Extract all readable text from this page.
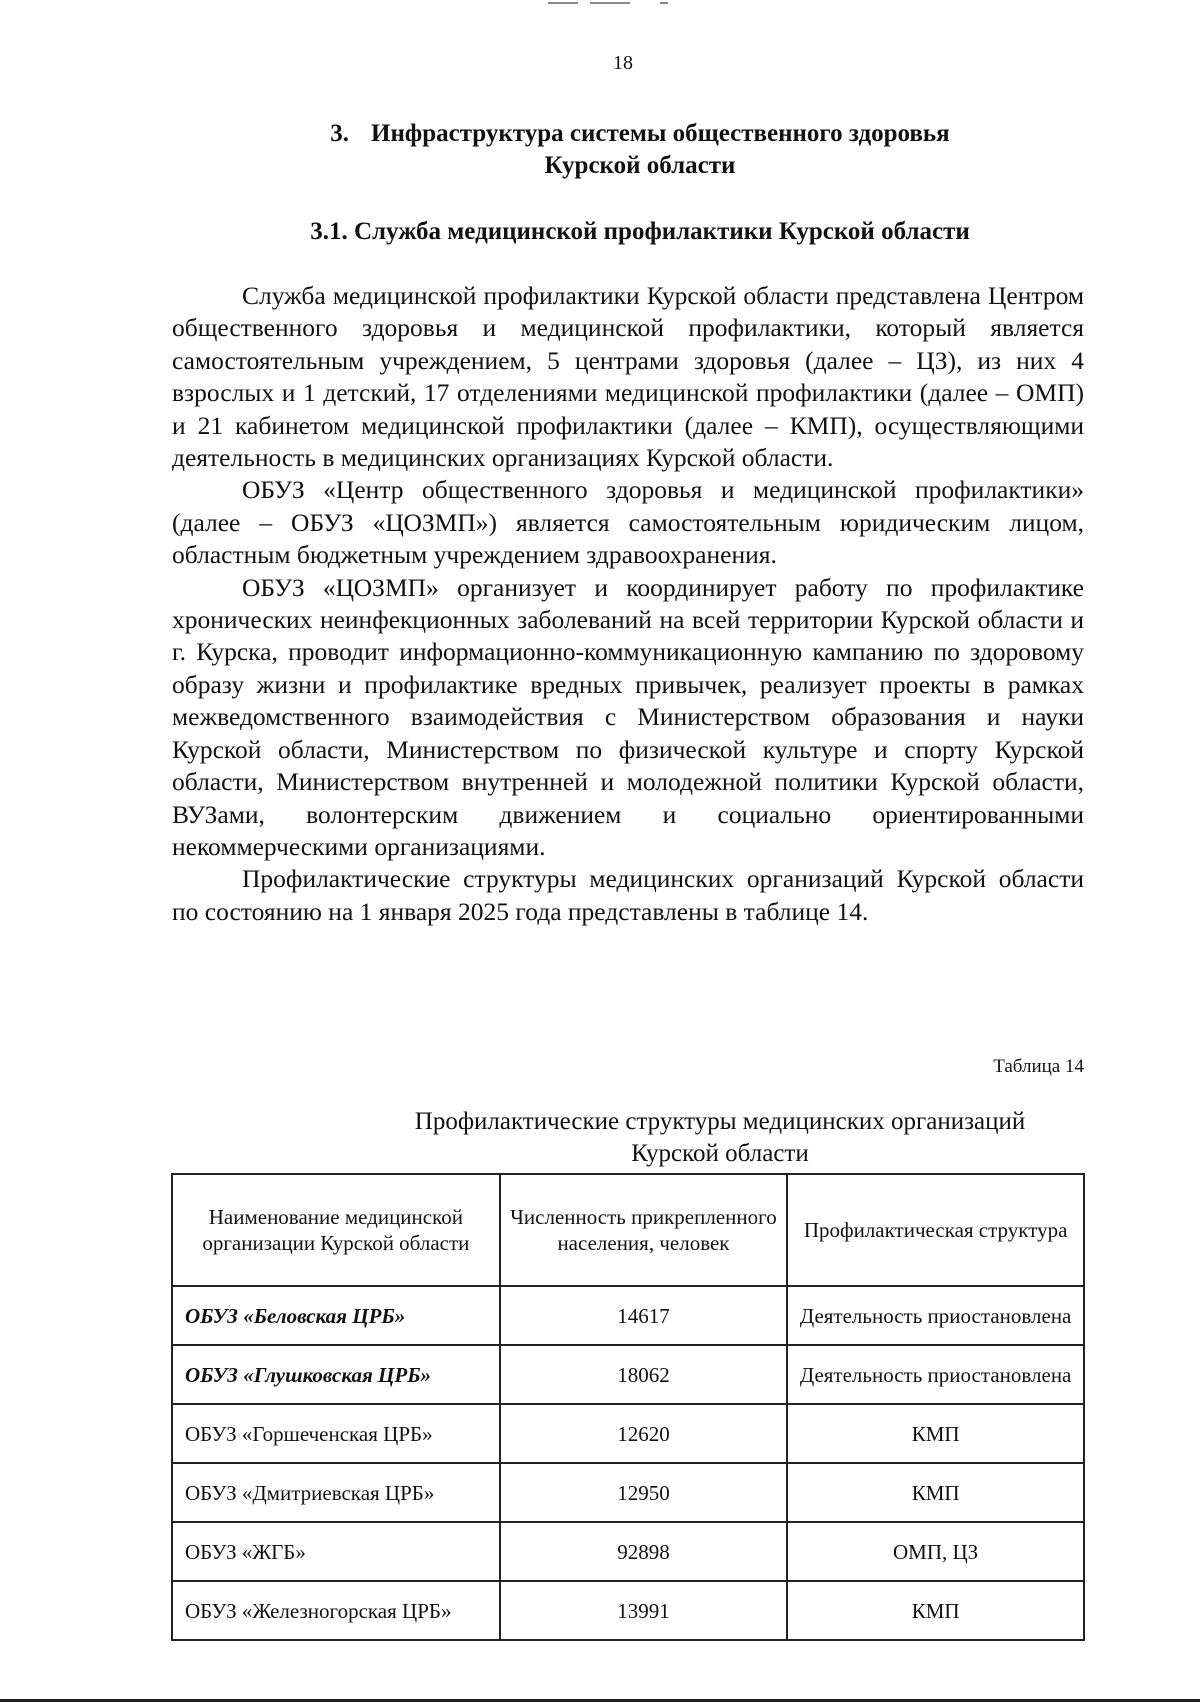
18
3. Инфраструктура системы общественного здоровья
Курской области
3.1. Служба медицинской профилактики Курской области

Служба медицинской профилактики Курской области представлена Центром общественного здоровья и медицинской профилактики, который является самостоятельным учреждением, 5 центрами здоровья (далее – ЦЗ), из них 4 взрослых и 1 детский, 17 отделениями медицинской профилактики (далее – ОМП) и 21 кабинетом медицинской профилактики (далее – КМП), осуществляющими деятельность в медицинских организациях Курской области.

ОБУЗ «Центр общественного здоровья и медицинской профилактики» (далее – ОБУЗ «ЦОЗМП») является самостоятельным юридическим лицом, областным бюджетным учреждением здравоохранения.

ОБУЗ «ЦОЗМП» организует и координирует работу по профилактике хронических неинфекционных заболеваний на всей территории Курской области и г. Курска, проводит информационно-коммуникационную кампанию по здоровому образу жизни и профилактике вредных привычек, реализует проекты в рамках межведомственного взаимодействия с Министерством образования и науки Курской области, Министерством по физической культуре и спорту Курской области, Министерством внутренней и молодежной политики Курской области, ВУЗами, волонтерским движением и социально ориентированными некоммерческими организациями.

Профилактические структуры медицинских организаций Курской области по состоянию на 1 января 2025 года представлены в таблице 14.

Таблица 14
Профилактические структуры медицинских организаций
Курской области
Наименование медицинской организации Курской области	Численность прикрепленного населения, человек	Профилактическая структура
ОБУЗ «Беловская ЦРБ»	14617	Деятельность приостановлена
ОБУЗ «Глушковская ЦРБ»	18062	Деятельность приостановлена
ОБУЗ «Горшеченская ЦРБ»	12620	КМП
ОБУЗ «Дмитриевская ЦРБ»	12950	КМП
ОБУЗ «ЖГБ»	92898	ОМП, ЦЗ
ОБУЗ «Железногорская ЦРБ»	13991	КМП
